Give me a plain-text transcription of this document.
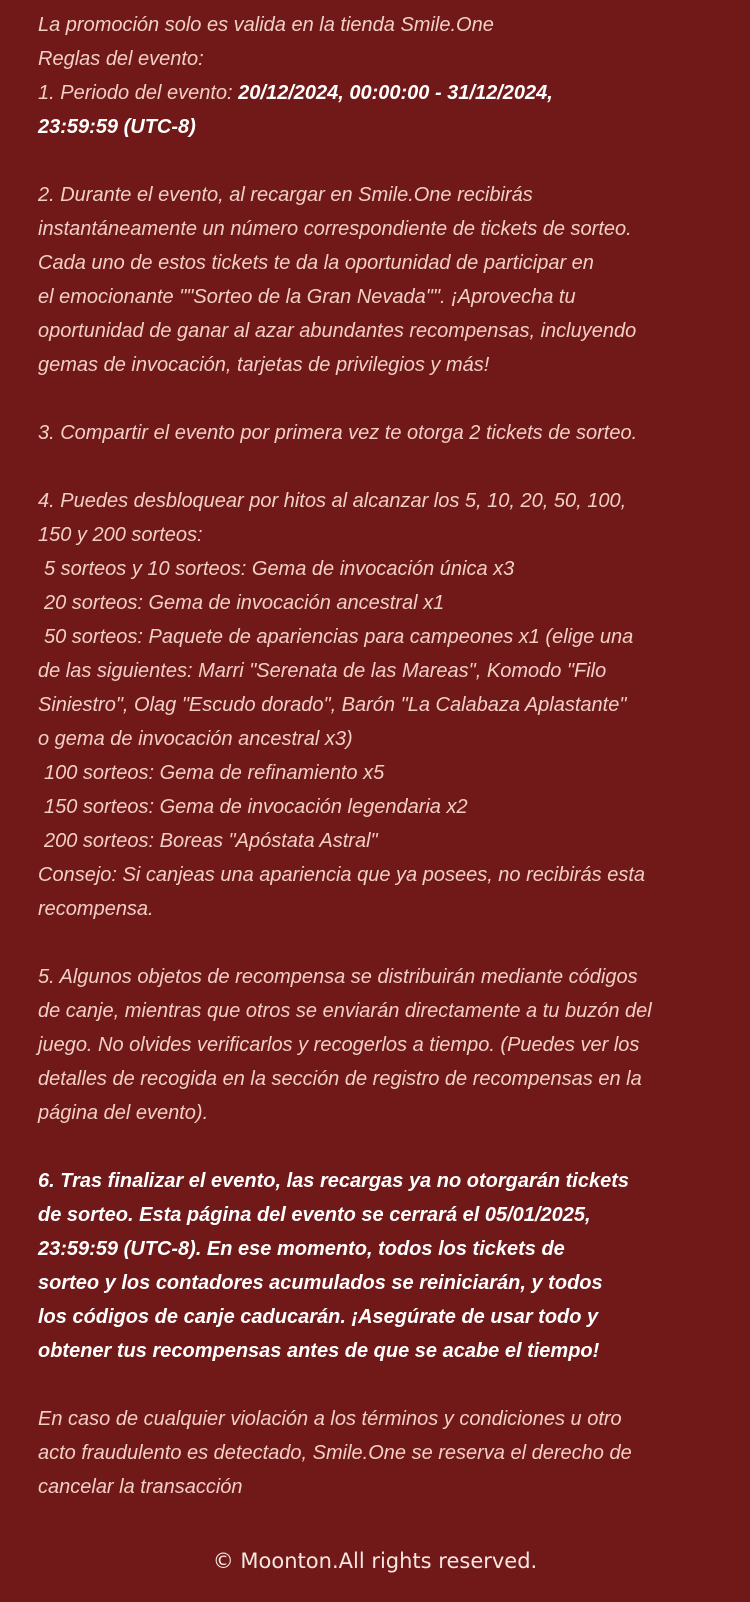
La promoción solo es valida en la tienda Smile.One
Reglas del evento:
1. Periodo del evento: 20/12/2024, 00:00:00 - 31/12/2024,
23:59:59 (UTC-8)
2. Durante el evento, al recargar en Smile.One recibirás
instantáneamente un número correspondiente de tickets de sorteo.
Cada uno de estos tickets te da la oportunidad de participar en
el emocionante ""Sorteo de la Gran Nevada"". ¡Aprovecha tu
oportunidad de ganar al azar abundantes recompensas, incluyendo
gemas de invocación, tarjetas de privilegios y más!
3. Compartir el evento por primera vez te otorga 2 tickets de sorteo.
4. Puedes desbloquear por hitos al alcanzar los 5, 10, 20, 50, 100,
150 y 200 sorteos:
5 sorteos y 10 sorteos: Gema de invocación única x3
20 sorteos: Gema de invocación ancestral x1
50 sorteos: Paquete de apariencias para campeones x1 (elige una
de las siguientes: Marri "Serenata de las Mareas", Komodo "Filo
Siniestro", Olag "Escudo dorado", Barón "La Calabaza Aplastante"
o gema de invocación ancestral x3)
100 sorteos: Gema de refinamiento x5
150 sorteos: Gema de invocación legendaria x2
200 sorteos: Boreas "Apóstata Astral"
Consejo: Si canjeas una apariencia que ya posees, no recibirás esta
recompensa.
5. Algunos objetos de recompensa se distribuirán mediante códigos
de canje, mientras que otros se enviarán directamente a tu buzón del
juego. No olvides verificarlos y recogerlos a tiempo. (Puedes ver los
detalles de recogida en la sección de registro de recompensas en la
página del evento).
6. Tras finalizar el evento, las recargas ya no otorgarán tickets
de sorteo. Esta página del evento se cerrará el 05/01/2025,
23:59:59 (UTC-8). En ese momento, todos los tickets de
sorteo y los contadores acumulados se reiniciarán, y todos
los códigos de canje caducarán. ¡Asegúrate de usar todo y
obtener tus recompensas antes de que se acabe el tiempo!
En caso de cualquier violación a los términos y condiciones u otro
acto fraudulento es detectado, Smile.One se reserva el derecho de
cancelar la transacción
© Moonton.All rights reserved.
